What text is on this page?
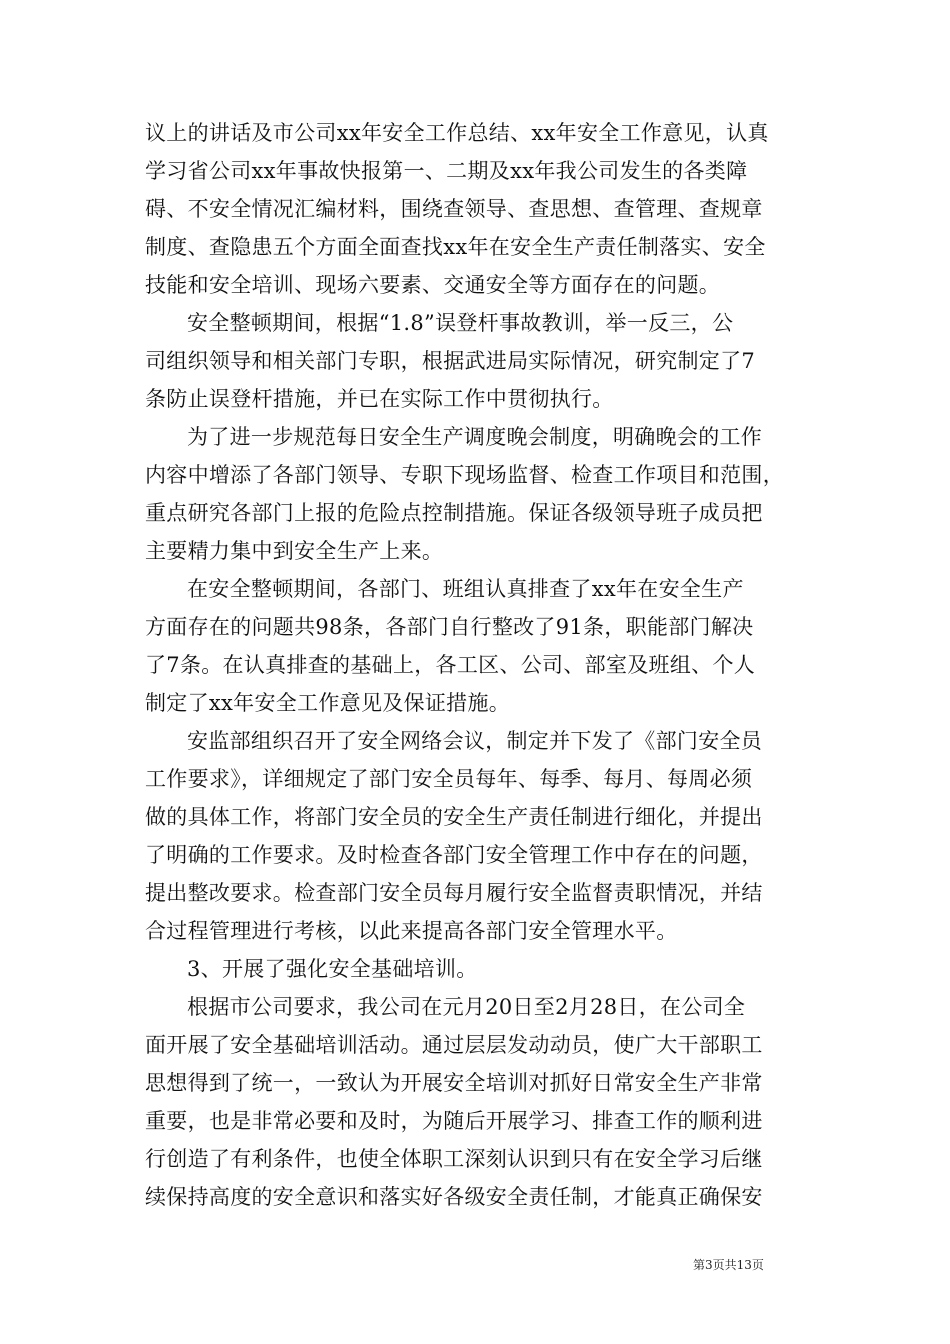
议上的讲话及市公司xx年安全工作总结、xx年安全工作意见，认真
学习省公司xx年事故快报第一、二期及xx年我公司发生的各类障
碍、不安全情况汇编材料，围绕查领导、查思想、查管理、查规章
制度、查隐患五个方面全面查找xx年在安全生产责任制落实、安全
技能和安全培训、现场六要素、交通安全等方面存在的问题。
安全整顿期间，根据“1.8”误登杆事故教训，举一反三，公
司组织领导和相关部门专职，根据武进局实际情况，研究制定了7
条防止误登杆措施，并已在实际工作中贯彻执行。
为了进一步规范每日安全生产调度晚会制度，明确晚会的工作
内容中增添了各部门领导、专职下现场监督、检查工作项目和范围，
重点研究各部门上报的危险点控制措施。保证各级领导班子成员把
主要精力集中到安全生产上来。
在安全整顿期间，各部门、班组认真排查了xx年在安全生产
方面存在的问题共98条，各部门自行整改了91条，职能部门解决
了7条。在认真排查的基础上，各工区、公司、部室及班组、个人
制定了xx年安全工作意见及保证措施。
安监部组织召开了安全网络会议，制定并下发了《部门安全员
工作要求》，详细规定了部门安全员每年、每季、每月、每周必须
做的具体工作，将部门安全员的安全生产责任制进行细化，并提出
了明确的工作要求。及时检查各部门安全管理工作中存在的问题，
提出整改要求。检查部门安全员每月履行安全监督责职情况，并结
合过程管理进行考核，以此来提高各部门安全管理水平。
3、开展了强化安全基础培训。
根据市公司要求，我公司在元月20日至2月28日，在公司全
面开展了安全基础培训活动。通过层层发动动员，使广大干部职工
思想得到了统一，一致认为开展安全培训对抓好日常安全生产非常
重要，也是非常必要和及时，为随后开展学习、排查工作的顺利进
行创造了有利条件，也使全体职工深刻认识到只有在安全学习后继
续保持高度的安全意识和落实好各级安全责任制，才能真正确保安
第3页共13页
